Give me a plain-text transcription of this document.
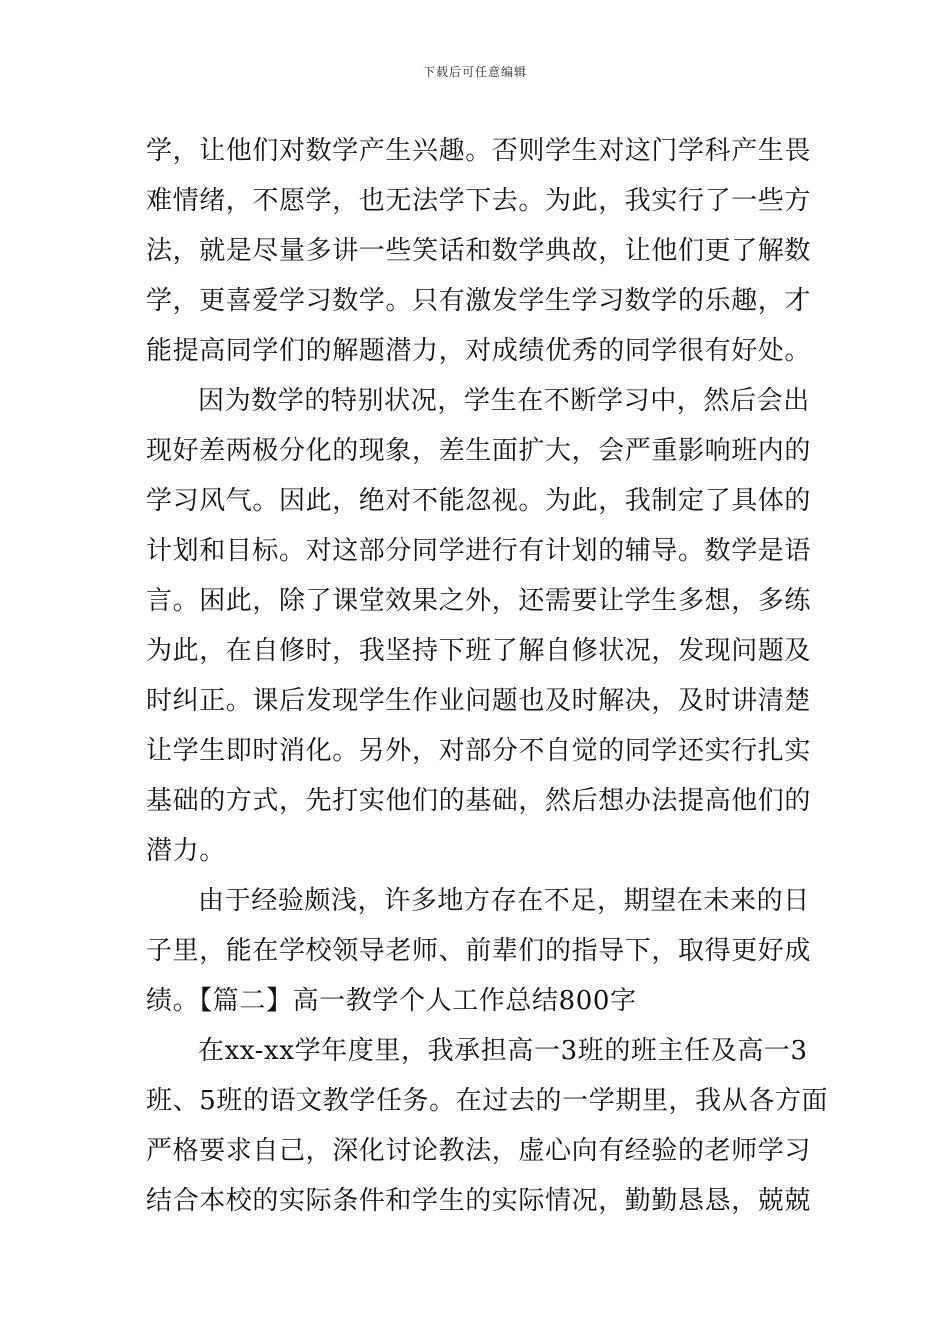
下载后可任意编辑
学，让他们对数学产生兴趣。否则学生对这门学科产生畏
难情绪，不愿学，也无法学下去。为此，我实行了一些方
法，就是尽量多讲一些笑话和数学典故，让他们更了解数
学，更喜爱学习数学。只有激发学生学习数学的乐趣，才
能提高同学们的解题潜力，对成绩优秀的同学很有好处。
因为数学的特别状况，学生在不断学习中，然后会出
现好差两极分化的现象，差生面扩大，会严重影响班内的
学习风气。因此，绝对不能忽视。为此，我制定了具体的
计划和目标。对这部分同学进行有计划的辅导。数学是语
言。困此，除了课堂效果之外，还需要让学生多想，多练
为此，在自修时，我坚持下班了解自修状况，发现问题及
时纠正。课后发现学生作业问题也及时解决，及时讲清楚
让学生即时消化。另外，对部分不自觉的同学还实行扎实
基础的方式，先打实他们的基础，然后想办法提高他们的
潜力。
由于经验颇浅，许多地方存在不足，期望在未来的日
子里，能在学校领导老师、前辈们的指导下，取得更好成
绩。【篇二】高一教学个人工作总结800字
在xx-xx学年度里，我承担高一3班的班主任及高一3
班、5班的语文教学任务。在过去的一学期里，我从各方面
严格要求自己，深化讨论教法，虚心向有经验的老师学习
结合本校的实际条件和学生的实际情况，勤勤恳恳，兢兢
